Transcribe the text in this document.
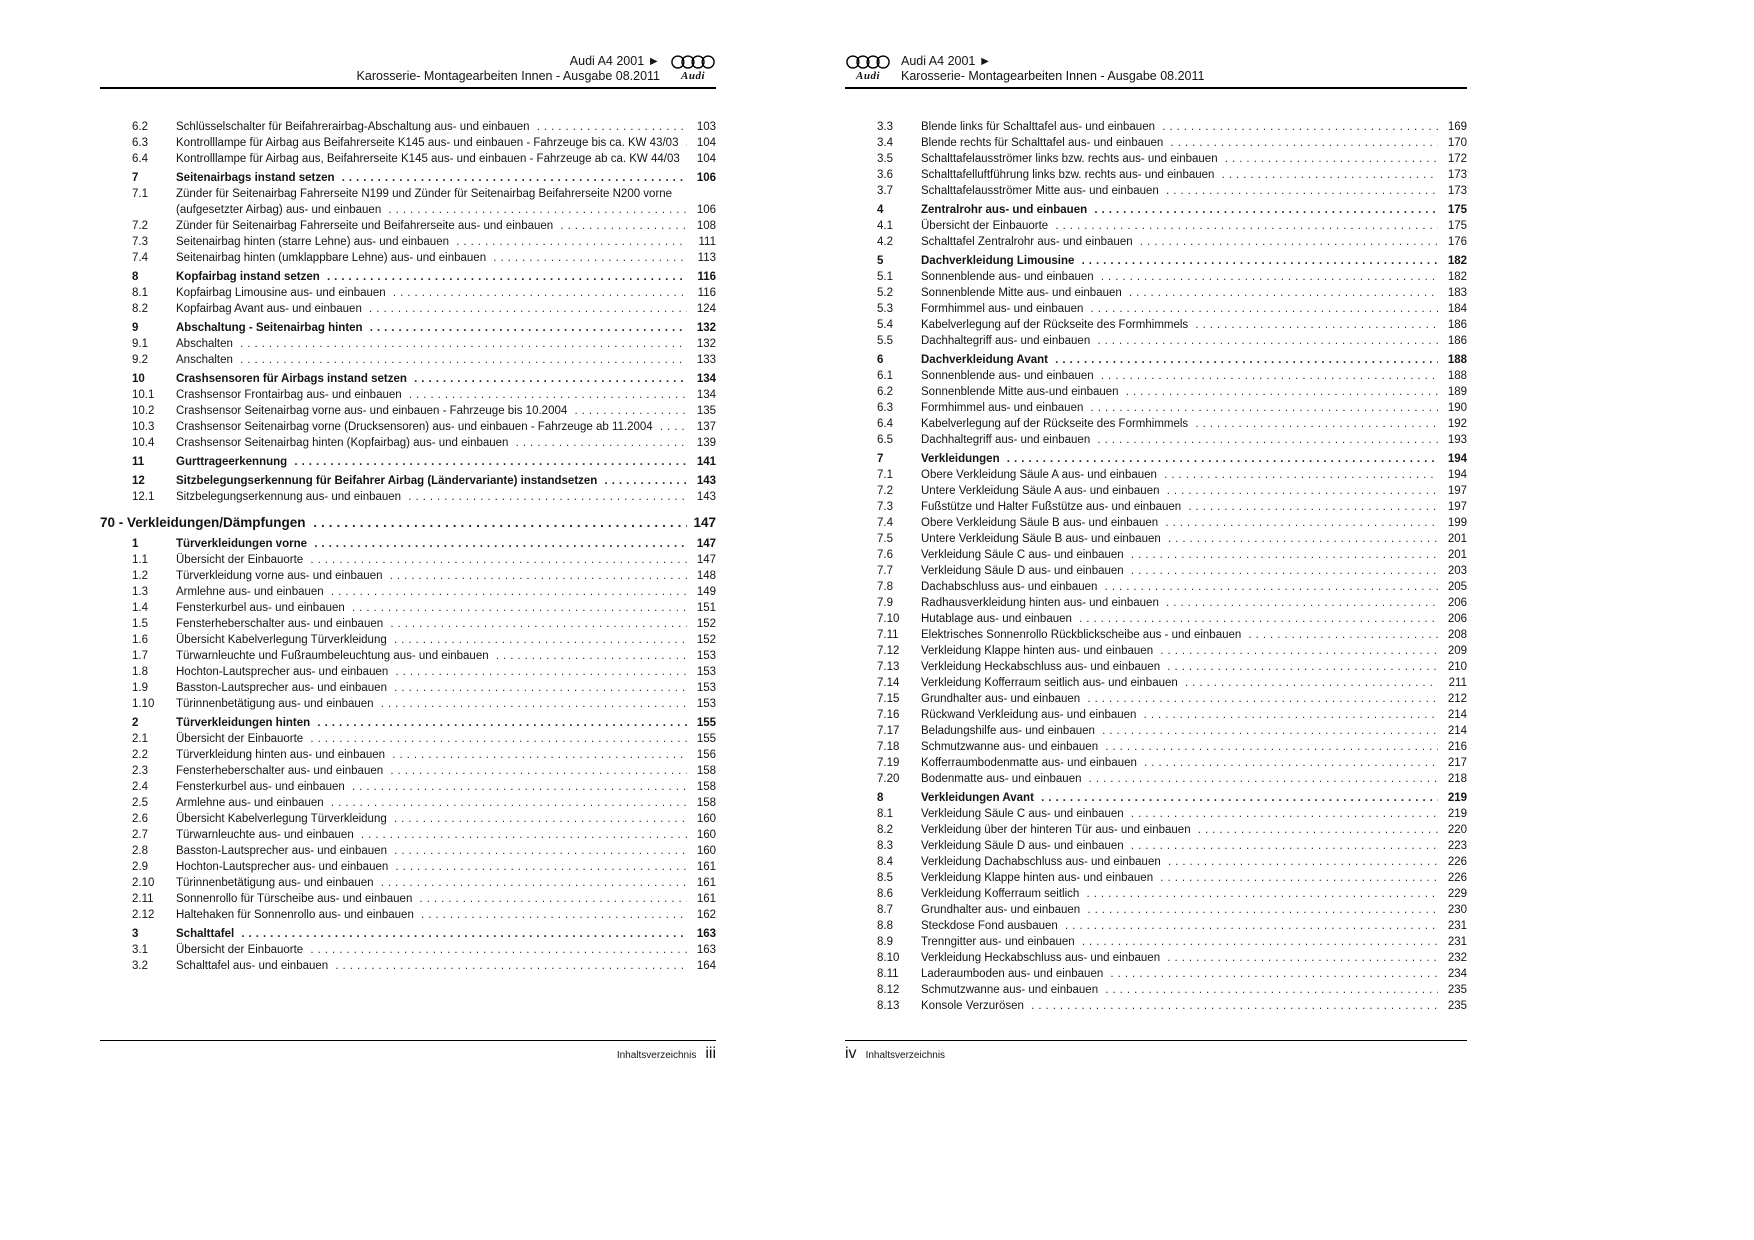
Audi A4 2001 ►
Karosserie- Montagearbeiten Innen - Ausgabe 08.2011 Audi
6.2	Schlüsselschalter für Beifahrerairbag-Abschaltung aus- und einbauen .....	103
6.3	Kontrolllampe für Airbag aus Beifahrerseite K145 aus- und einbauen - Fahrzeuge bis ca. KW 43/03 .....	104
6.4	Kontrolllampe für Airbag aus, Beifahrerseite K145 aus- und einbauen - Fahrzeuge ab ca. KW 44/03 .....	104
7	Seitenairbags instand setzen .....	106
7.1	Zünder für Seitenairbag Fahrerseite N199 und Zünder für Seitenairbag Beifahrerseite N200 vorne (aufgesetzter Airbag) aus- und einbauen .....	106
7.2	Zünder für Seitenairbag Fahrerseite und Beifahrerseite aus- und einbauen .....	108
7.3	Seitenairbag hinten (starre Lehne) aus- und einbauen .....	111
7.4	Seitenairbag hinten (umklappbare Lehne) aus- und einbauen .....	113
8	Kopfairbag instand setzen .....	116
8.1	Kopfairbag Limousine aus- und einbauen .....	116
8.2	Kopfairbag Avant aus- und einbauen .....	124
9	Abschaltung - Seitenairbag hinten .....	132
9.1	Abschalten .....	132
9.2	Anschalten .....	133
10	Crashsensoren für Airbags instand setzen .....	134
10.1	Crashsensor Frontairbag aus- und einbauen .....	134
10.2	Crashsensor Seitenairbag vorne aus- und einbauen - Fahrzeuge bis 10.2004 .....	135
10.3	Crashsensor Seitenairbag vorne (Drucksensoren) aus- und einbauen - Fahrzeuge ab 11.2004 .....	137
10.4	Crashsensor Seitenairbag hinten (Kopfairbag) aus- und einbauen .....	139
11	Gurttrageerkennung .....	141
12	Sitzbelegungserkennung für Beifahrer Airbag (Ländervariante) instandsetzen .....	143
12.1	Sitzbelegungserkennung aus- und einbauen .....	143
70 - Verkleidungen/Dämpfungen .....	147
1	Türverkleidungen vorne .....	147
1.1	Übersicht der Einbauorte .....	147
1.2	Türverkleidung vorne aus- und einbauen .....	148
1.3	Armlehne aus- und einbauen .....	149
1.4	Fensterkurbel aus- und einbauen .....	151
1.5	Fensterheberschalter aus- und einbauen .....	152
1.6	Übersicht Kabelverlegung Türverkleidung .....	152
1.7	Türwarnleuchte und Fußraumbeleuchtung aus- und einbauen .....	153
1.8	Hochton-Lautsprecher aus- und einbauen .....	153
1.9	Basston-Lautsprecher aus- und einbauen .....	153
1.10	Türinnenbetätigung aus- und einbauen .....	153
2	Türverkleidungen hinten .....	155
2.1	Übersicht der Einbauorte .....	155
2.2	Türverkleidung hinten aus- und einbauen .....	156
2.3	Fensterheberschalter aus- und einbauen .....	158
2.4	Fensterkurbel aus- und einbauen .....	158
2.5	Armlehne aus- und einbauen .....	158
2.6	Übersicht Kabelverlegung Türverkleidung .....	160
2.7	Türwarnleuchte aus- und einbauen .....	160
2.8	Basston-Lautsprecher aus- und einbauen .....	160
2.9	Hochton-Lautsprecher aus- und einbauen .....	161
2.10	Türinnenbetätigung aus- und einbauen .....	161
2.11	Sonnenrollo für Türscheibe aus- und einbauen .....	161
2.12	Haltehaken für Sonnenrollo aus- und einbauen .....	162
3	Schalttafel .....	163
3.1	Übersicht der Einbauorte .....	163
3.2	Schalttafel aus- und einbauen .....	164
Inhaltsverzeichnis iii
Audi
Audi A4 2001 ►
Karosserie- Montagearbeiten Innen - Ausgabe 08.2011
3.3	Blende links für Schalttafel aus- und einbauen .....	169
3.4	Blende rechts für Schalttafel aus- und einbauen .....	170
3.5	Schalttafelausströmer links bzw. rechts aus- und einbauen .....	172
3.6	Schalttafelluftführung links bzw. rechts aus- und einbauen .....	173
3.7	Schalttafelausströmer Mitte aus- und einbauen .....	173
4	Zentralrohr aus- und einbauen .....	175
4.1	Übersicht der Einbauorte .....	175
4.2	Schalttafel Zentralrohr aus- und einbauen .....	176
5	Dachverkleidung Limousine .....	182
5.1	Sonnenblende aus- und einbauen .....	182
5.2	Sonnenblende Mitte aus- und einbauen .....	183
5.3	Formhimmel aus- und einbauen .....	184
5.4	Kabelverlegung auf der Rückseite des Formhimmels .....	186
5.5	Dachhaltegriff aus- und einbauen .....	186
6	Dachverkleidung Avant .....	188
6.1	Sonnenblende aus- und einbauen .....	188
6.2	Sonnenblende Mitte aus-und einbauen .....	189
6.3	Formhimmel aus- und einbauen .....	190
6.4	Kabelverlegung auf der Rückseite des Formhimmels .....	192
6.5	Dachhaltegriff aus- und einbauen .....	193
7	Verkleidungen .....	194
7.1	Obere Verkleidung Säule A aus- und einbauen .....	194
7.2	Untere Verkleidung Säule A aus- und einbauen .....	197
7.3	Fußstütze und Halter Fußstütze aus- und einbauen .....	197
7.4	Obere Verkleidung Säule B aus- und einbauen .....	199
7.5	Untere Verkleidung Säule B aus- und einbauen .....	201
7.6	Verkleidung Säule C aus- und einbauen .....	201
7.7	Verkleidung Säule D aus- und einbauen .....	203
7.8	Dachabschluss aus- und einbauen .....	205
7.9	Radhausverkleidung hinten aus- und einbauen .....	206
7.10	Hutablage aus- und einbauen .....	206
7.11	Elektrisches Sonnenrollo Rückblickscheibe aus - und einbauen .....	208
7.12	Verkleidung Klappe hinten aus- und einbauen .....	209
7.13	Verkleidung Heckabschluss aus- und einbauen .....	210
7.14	Verkleidung Kofferraum seitlich aus- und einbauen .....	211
7.15	Grundhalter aus- und einbauen .....	212
7.16	Rückwand Verkleidung aus- und einbauen .....	214
7.17	Beladungshilfe aus- und einbauen .....	214
7.18	Schmutzwanne aus- und einbauen .....	216
7.19	Kofferraumbodenmatte aus- und einbauen .....	217
7.20	Bodenmatte aus- und einbauen .....	218
8	Verkleidungen Avant .....	219
8.1	Verkleidung Säule C aus- und einbauen .....	219
8.2	Verkleidung über der hinteren Tür aus- und einbauen .....	220
8.3	Verkleidung Säule D aus- und einbauen .....	223
8.4	Verkleidung Dachabschluss aus- und einbauen .....	226
8.5	Verkleidung Klappe hinten aus- und einbauen .....	226
8.6	Verkleidung Kofferraum seitlich .....	229
8.7	Grundhalter aus- und einbauen .....	230
8.8	Steckdose Fond ausbauen .....	231
8.9	Trenngitter aus- und einbauen .....	231
8.10	Verkleidung Heckabschluss aus- und einbauen .....	232
8.11	Laderaumboden aus- und einbauen .....	234
8.12	Schmutzwanne aus- und einbauen .....	235
8.13	Konsole Verzurösen .....	235
iv Inhaltsverzeichnis
